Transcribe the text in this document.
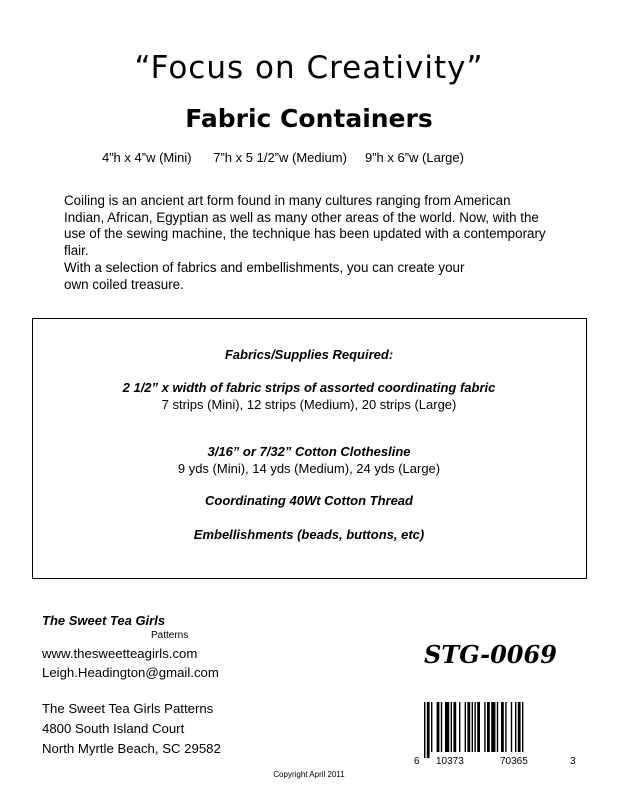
“Focus on Creativity”
Fabric Containers
4”h x 4”w (Mini) 7”h x 5 1/2”w (Medium) 9”h x 6”w (Large)

Coiling is an ancient art form found in many cultures ranging from American Indian, African, Egyptian as well as many other areas of the world. Now, with the use of the sewing machine, the technique has been updated with a contemporary flair.

With a selection of fabrics and embellishments, you can create your own coiled treasure.

Fabrics/Supplies Required:
2 1/2” x width of fabric strips of assorted coordinating fabric
7 strips (Mini), 12 strips (Medium), 20 strips (Large)
3/16” or 7/32” Cotton Clothesline
9 yds (Mini), 14 yds (Medium), 24 yds (Large)
Coordinating 40Wt Cotton Thread
Embellishments (beads, buttons, etc)
The Sweet Tea Girls
Patterns
www.thesweetteagirls.com
Leigh.Headington@gmail.com
The Sweet Tea Girls Patterns
4800 South Island Court
North Myrtle Beach, SC 29582
STG-0069
6 10373	70365	3
Copyright April 2011
